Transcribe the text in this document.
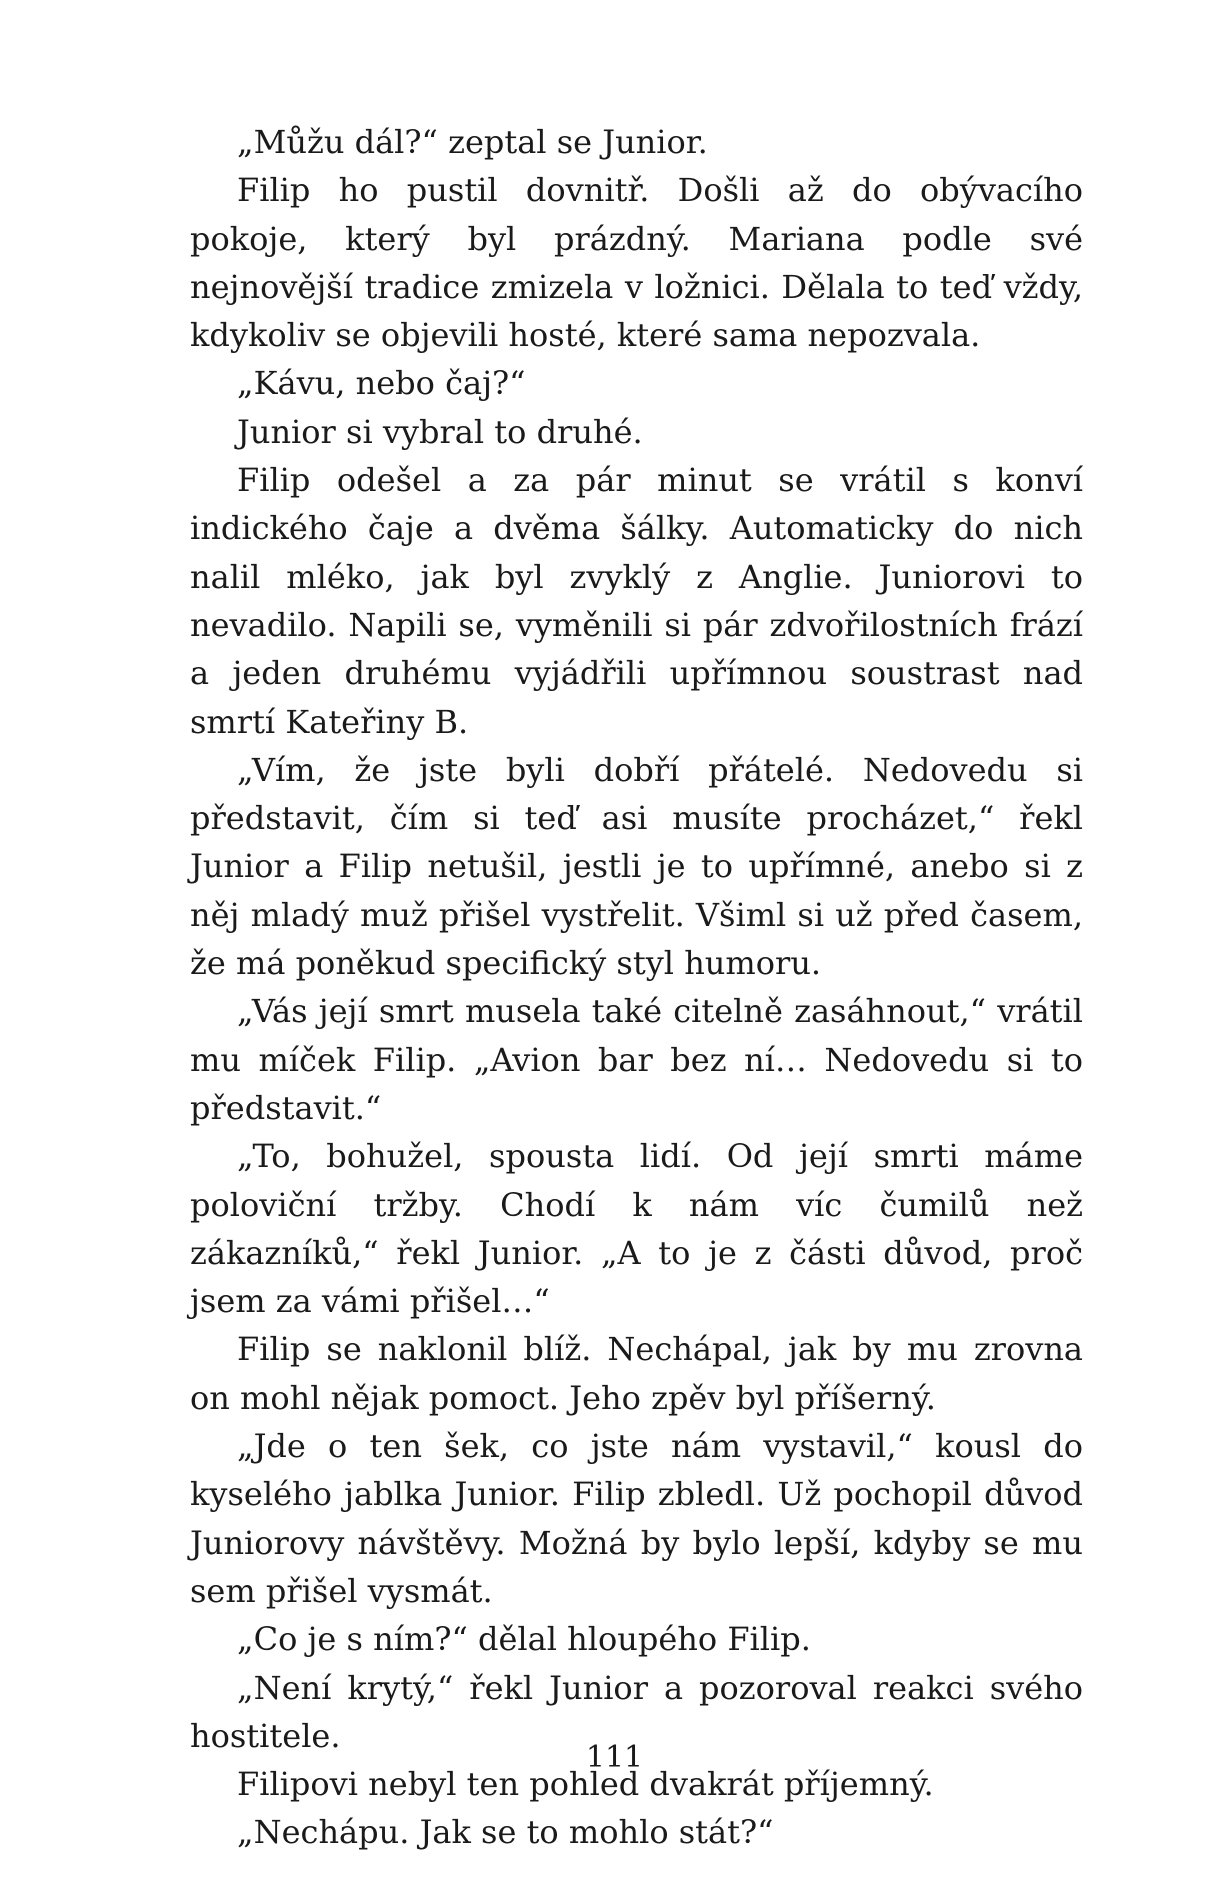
„Můžu dál?“ zeptal se Junior.

Filip ho pustil dovnitř. Došli až do obývacího pokoje, který byl prázdný. Mariana podle své nejnovější tradice zmizela v ložnici. Dělala to teď vždy, kdykoliv se objevili hosté, které sama nepozvala.

„Kávu, nebo čaj?“

Junior si vybral to druhé.

Filip odešel a za pár minut se vrátil s konví indického čaje a dvěma šálky. Automaticky do nich nalil mléko, jak byl zvyklý z Anglie. Juniorovi to nevadilo. Napili se, vyměnili si pár zdvořilostních frází a jeden druhému vyjádřili upřímnou soustrast nad smrtí Kateřiny B.

„Vím, že jste byli dobří přátelé. Nedovedu si představit, čím si teď asi musíte procházet,“ řekl Junior a Filip netušil, jestli je to upřímné, anebo si z něj mladý muž přišel vystřelit. Všiml si už před časem, že má poněkud specifický styl humoru.

„Vás její smrt musela také citelně zasáhnout,“ vrátil mu míček Filip. „Avion bar bez ní… Nedovedu si to představit.“

„To, bohužel, spousta lidí. Od její smrti máme poloviční tržby. Chodí k nám víc čumilů než zákazníků,“ řekl Junior. „A to je z části důvod, proč jsem za vámi přišel…“

Filip se naklonil blíž. Nechápal, jak by mu zrovna on mohl nějak pomoct. Jeho zpěv byl příšerný.

„Jde o ten šek, co jste nám vystavil,“ kousl do kyselého jablka Junior. Filip zbledl. Už pochopil důvod Juniorovy návštěvy. Možná by bylo lepší, kdyby se mu sem přišel vysmát.

„Co je s ním?“ dělal hloupého Filip.

„Není krytý,“ řekl Junior a pozoroval reakci svého hostitele.

Filipovi nebyl ten pohled dvakrát příjemný.

„Nechápu. Jak se to mohlo stát?“

111
